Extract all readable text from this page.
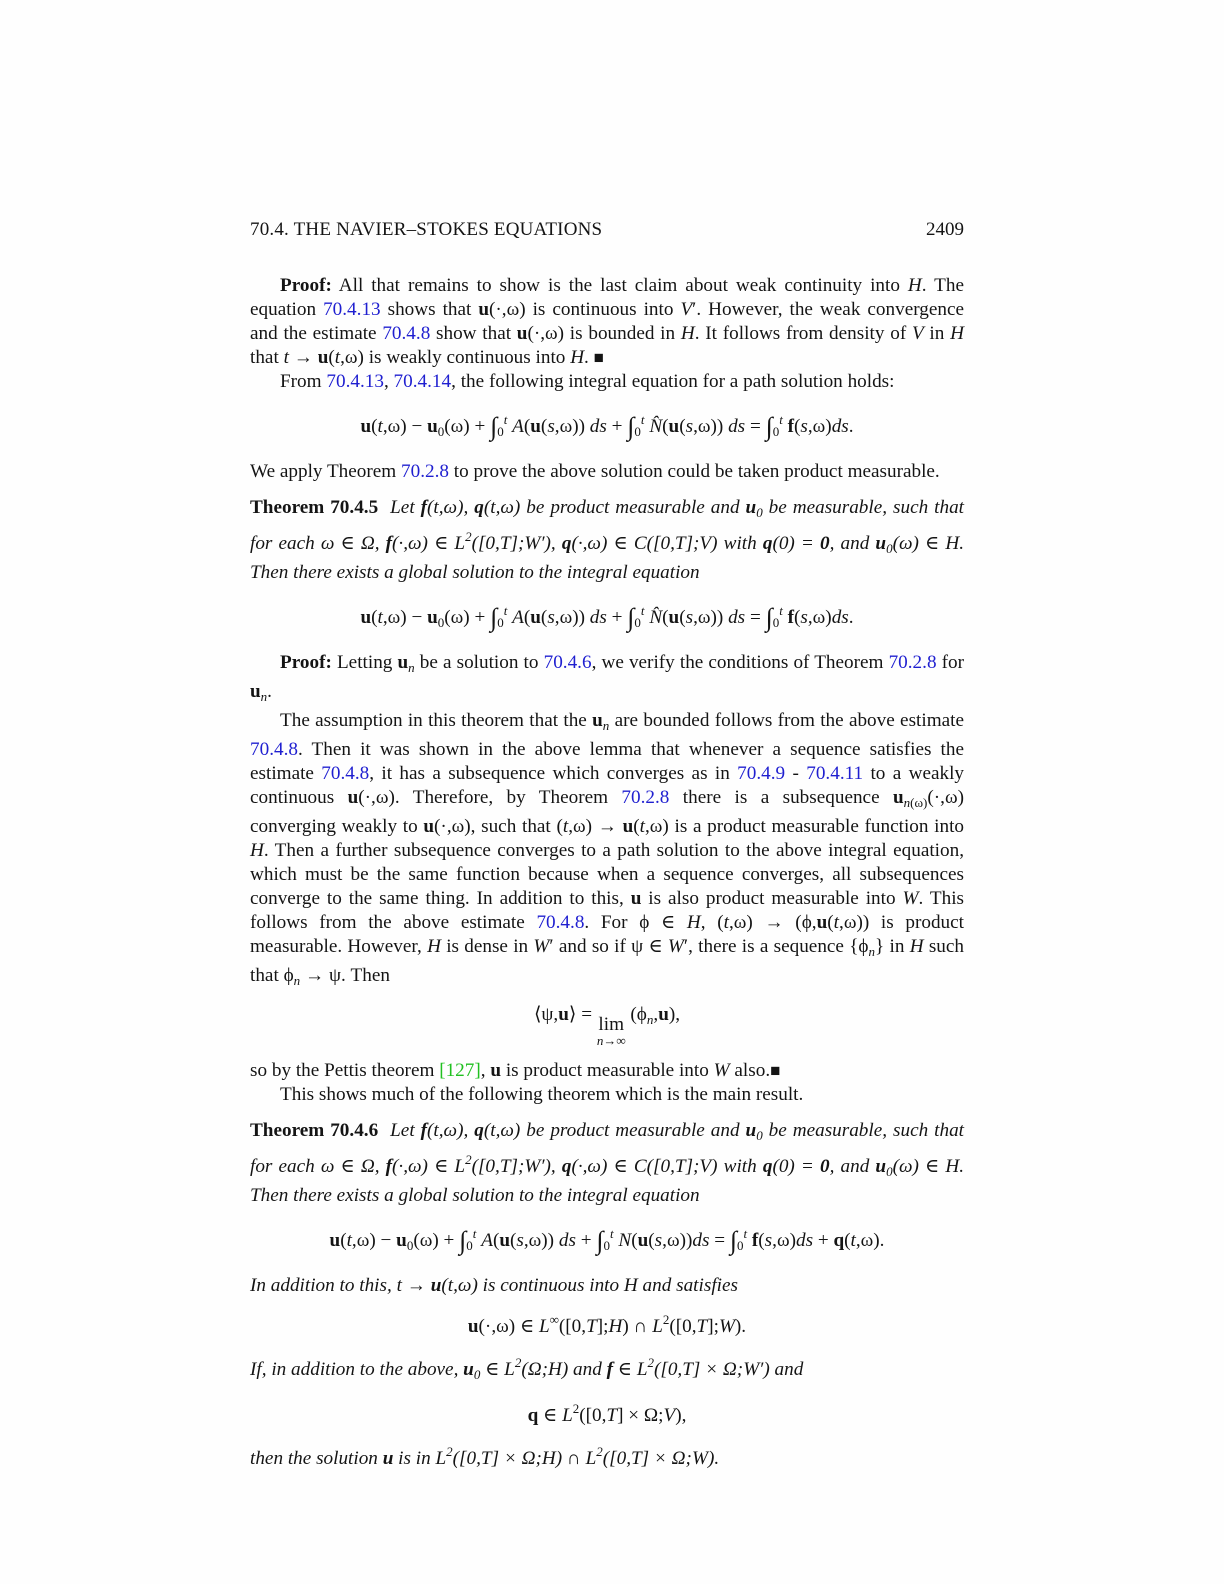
70.4. THE NAVIER–STOKES EQUATIONS	2409

Proof: All that remains to show is the last claim about weak continuity into H. The equation 70.4.13 shows that u(·,ω) is continuous into V′. However, the weak convergence and the estimate 70.4.8 show that u(·,ω) is bounded in H. It follows from density of V in H that t → u(t,ω) is weakly continuous into H. ■

From 70.4.13, 70.4.14, the following integral equation for a path solution holds:

$u(t,\omega) - u_0(\omega) + \int_0^t$ A(u(s,ω)) ds + $\int_0^t$ N̂(u(s,ω)) ds = $\int_0^t$ f(s,ω)ds.

We apply Theorem 70.2.8 to prove the above solution could be taken product measurable.

Theorem 70.4.5 Let f(t,ω), q(t,ω) be product measurable and $u_0$ be measurable, such that for each ω ∈ Ω, f(·,ω) ∈ $L^2([0,T];W')$, q(·,ω) ∈ C([0,T];V) with q(0) = 0, and $u_0(\omega)$ ∈ H. Then there exists a global solution to the integral equation

$u(t,\omega) - u_0(\omega) + \int_0^t$ A(u(s,ω)) ds + $\int_0^t$ N̂(u(s,ω)) ds = $\int_0^t$ f(s,ω)ds.

Proof: Letting $u_n$ be a solution to 70.4.6, we verify the conditions of Theorem 70.2.8 for $u_n$.

The assumption in this theorem that the $u_n$ are bounded follows from the above estimate 70.4.8. Then it was shown in the above lemma that whenever a sequence satisfies the estimate 70.4.8, it has a subsequence which converges as in 70.4.9 - 70.4.11 to a weakly continuous u(·,ω). Therefore, by Theorem 70.2.8 there is a subsequence $u_{n(\omega)}(\cdot,\omega)$ converging weakly to u(·,ω), such that (t,ω) → u(t,ω) is a product measurable function into H. Then a further subsequence converges to a path solution to the above integral equation, which must be the same function because when a sequence converges, all subsequences converge to the same thing. In addition to this, u is also product measurable into W. This follows from the above estimate 70.4.8. For ϕ ∈ H, (t,ω) → (ϕ,u(t,ω)) is product measurable. However, H is dense in W′ and so if ψ ∈ W′, there is a sequence $\{\phi_n\}$ in H such that $\phi_n \to \psi$. Then

⟨ψ,u⟩ = lim
n→∞
$(\phi_n,u)$,

so by the Pettis theorem [127], u is product measurable into W also.■

This shows much of the following theorem which is the main result.

Theorem 70.4.6 Let f(t,ω), q(t,ω) be product measurable and $u_0$ be measurable, such that for each ω ∈ Ω, f(·,ω) ∈ $L^2([0,T];W')$, q(·,ω) ∈ C([0,T];V) with q(0) = 0, and $u_0(\omega)$ ∈ H. Then there exists a global solution to the integral equation

$u(t,\omega) - u_0(\omega) + \int_0^t$ A(u(s,ω)) ds + $\int_0^t$ $N(u(s,\omega))ds = \int_0^t$ f(s,ω)ds + q(t,ω).

In addition to this, t → u(t,ω) is continuous into H and satisfies

u(·,ω) ∈ L∞([0,T];H) ∩ $L^2([0,T];W)$.

If, in addition to the above, $u_0$ ∈ $L^2(\Omega;H)$ and f ∈ $L^2([0,T]$ × Ω;W′) and

q ∈ $L^2([0,T]$ × Ω;V),

then the solution u is in $L^2([0,T]$ × Ω;H) ∩ $L^2([0,T]$ × Ω;W).
